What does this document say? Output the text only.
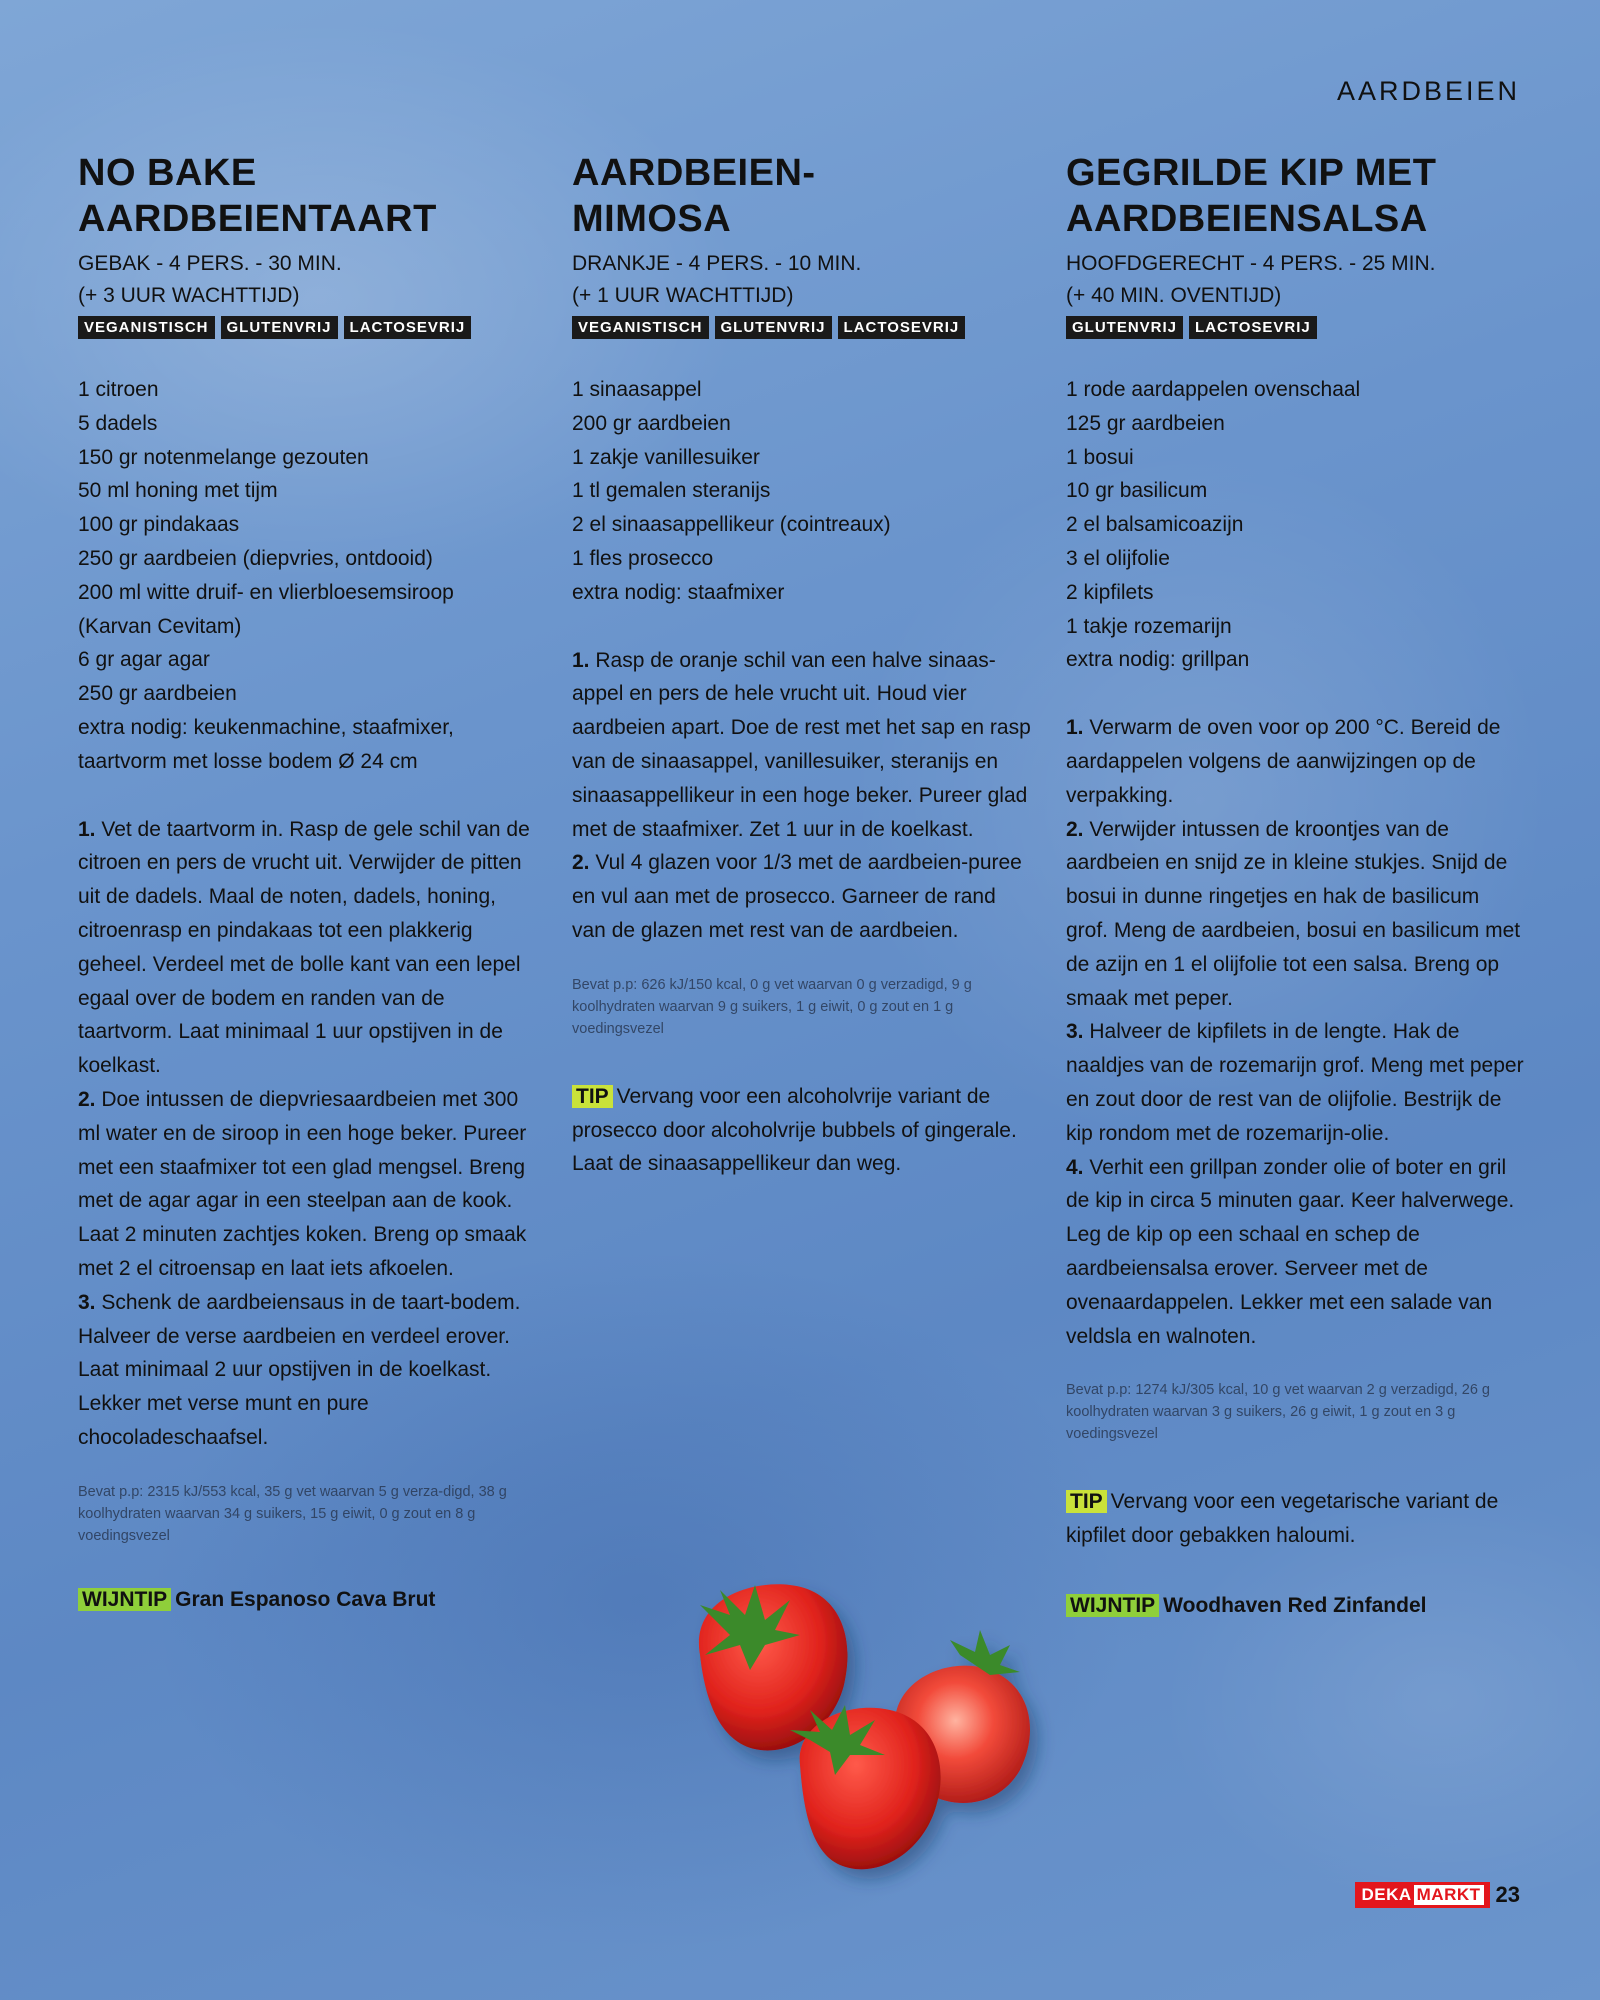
AARDBEIEN
NO BAKE
AARDBEIENTAART
GEBAK - 4 PERS. - 30 MIN.
(+ 3 UUR WACHTTIJD)
VEGANISTISCH	GLUTENVRIJ	LACTOSEVRIJ
1 citroen
5 dadels
150 gr notenmelange gezouten
50 ml honing met tijm
100 gr pindakaas
250 gr aardbeien (diepvries, ontdooid)
200 ml witte druif- en vlierbloesemsiroop
(Karvan Cevitam)
6 gr agar agar
250 gr aardbeien
extra nodig: keukenmachine, staafmixer,
taartvorm met losse bodem Ø 24 cm
1. Vet de taartvorm in. Rasp de gele schil van de citroen en pers de vrucht uit. Verwijder de pitten uit de dadels. Maal de noten, dadels, honing, citroenrasp en pindakaas tot een plakkerig geheel. Verdeel met de bolle kant van een lepel egaal over de bodem en randen van de taartvorm. Laat minimaal 1 uur opstijven in de koelkast.
2. Doe intussen de diepvriesaardbeien met 300 ml water en de siroop in een hoge beker. Pureer met een staafmixer tot een glad mengsel. Breng met de agar agar in een steelpan aan de kook. Laat 2 minuten zachtjes koken. Breng op smaak met 2 el citroensap en laat iets afkoelen.
3. Schenk de aardbeiensaus in de taart-bodem. Halveer de verse aardbeien en verdeel erover. Laat minimaal 2 uur opstijven in de koelkast. Lekker met verse munt en pure chocoladeschaafsel.
Bevat p.p: 2315 kJ/553 kcal, 35 g vet waarvan 5 g verza-digd, 38 g koolhydraten waarvan 34 g suikers, 15 g eiwit, 0 g zout en 8 g voedingsvezel
WIJNTIP Gran Espanoso Cava Brut
AARDBEIEN-
MIMOSA
DRANKJE - 4 PERS. - 10 MIN.
(+ 1 UUR WACHTTIJD)
VEGANISTISCH	GLUTENVRIJ	LACTOSEVRIJ
1 sinaasappel
200 gr aardbeien
1 zakje vanillesuiker
1 tl gemalen steranijs
2 el sinaasappellikeur (cointreaux)
1 fles prosecco
extra nodig: staafmixer
1. Rasp de oranje schil van een halve sinaas-appel en pers de hele vrucht uit. Houd vier aardbeien apart. Doe de rest met het sap en rasp van de sinaasappel, vanillesuiker, steranijs en sinaasappellikeur in een hoge beker. Pureer glad met de staafmixer. Zet 1 uur in de koelkast.
2. Vul 4 glazen voor 1/3 met de aardbeien-puree en vul aan met de prosecco. Garneer de rand van de glazen met rest van de aardbeien.
Bevat p.p: 626 kJ/150 kcal, 0 g vet waarvan 0 g verzadigd, 9 g koolhydraten waarvan 9 g suikers, 1 g eiwit, 0 g zout en 1 g voedingsvezel
TIP Vervang voor een alcoholvrije variant de prosecco door alcoholvrije bubbels of gingerale. Laat de sinaasappellikeur dan weg.
GEGRILDE KIP MET
AARDBEIENSALSA
HOOFDGERECHT - 4 PERS. - 25 MIN.
(+ 40 MIN. OVENTIJD)
GLUTENVRIJ	LACTOSEVRIJ
1 rode aardappelen ovenschaal
125 gr aardbeien
1 bosui
10 gr basilicum
2 el balsamicoazijn
3 el olijfolie
2 kipfilets
1 takje rozemarijn
extra nodig: grillpan
1. Verwarm de oven voor op 200 °C. Bereid de aardappelen volgens de aanwijzingen op de verpakking.
2. Verwijder intussen de kroontjes van de aardbeien en snijd ze in kleine stukjes. Snijd de bosui in dunne ringetjes en hak de basilicum grof. Meng de aardbeien, bosui en basilicum met de azijn en 1 el olijfolie tot een salsa. Breng op smaak met peper.
3. Halveer de kipfilets in de lengte. Hak de naaldjes van de rozemarijn grof. Meng met peper en zout door de rest van de olijfolie. Bestrijk de kip rondom met de rozemarijn-olie.
4. Verhit een grillpan zonder olie of boter en gril de kip in circa 5 minuten gaar. Keer halverwege. Leg de kip op een schaal en schep de aardbeiensalsa erover. Serveer met de ovenaardappelen. Lekker met een salade van veldsla en walnoten.
Bevat p.p: 1274 kJ/305 kcal, 10 g vet waarvan 2 g verzadigd, 26 g koolhydraten waarvan 3 g suikers, 26 g eiwit, 1 g zout en 3 g voedingsvezel
TIP Vervang voor een vegetarische variant de kipfilet door gebakken haloumi.
WIJNTIP Woodhaven Red Zinfandel
DEKA MARKT 23
